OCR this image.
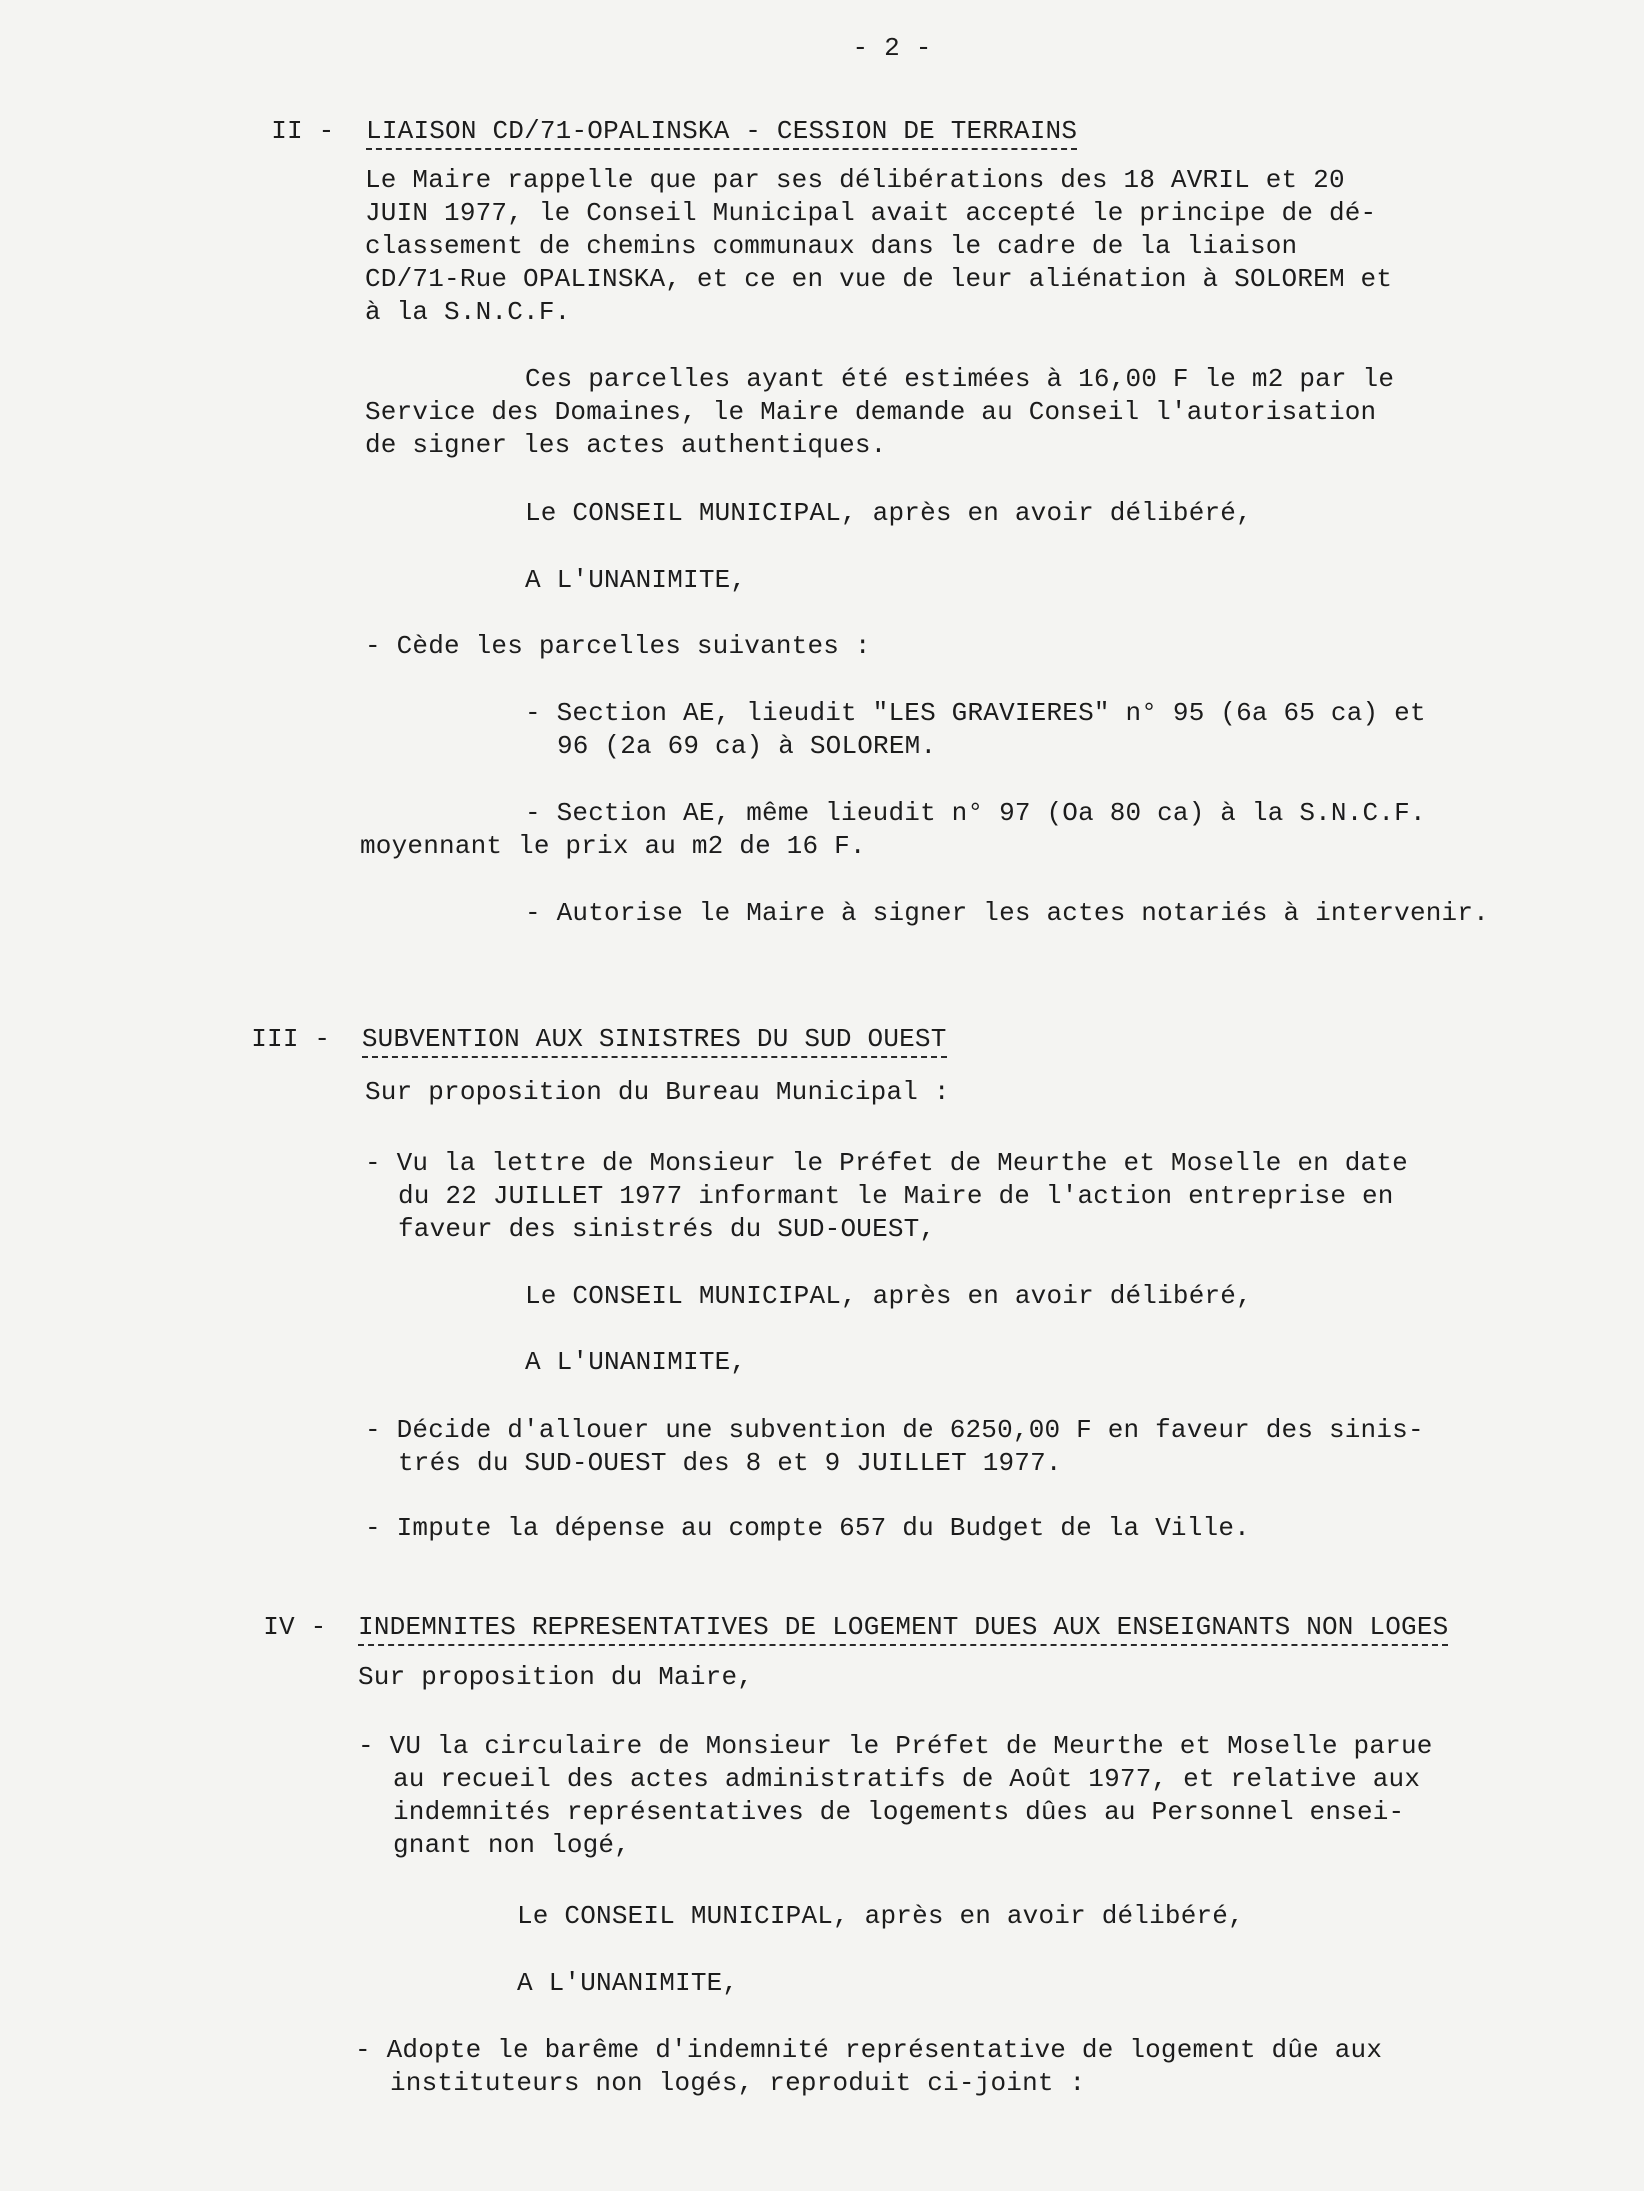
- 2 -

II - LIAISON CD/71-OPALINSKA - CESSION DE TERRAINS

Le Maire rappelle que par ses délibérations des 18 AVRIL et 20
JUIN 1977, le Conseil Municipal avait accepté le principe de dé-
classement de chemins communaux dans le cadre de la liaison
CD/71-Rue OPALINSKA, et ce en vue de leur aliénation à SOLOREM et
à la S.N.C.F.
Ces parcelles ayant été estimées à 16,00 F le m2 par le
Service des Domaines, le Maire demande au Conseil l'autorisation
de signer les actes authentiques.
Le CONSEIL MUNICIPAL, après en avoir délibéré,
A L'UNANIMITE,
- Cède les parcelles suivantes :
- Section AE, lieudit "LES GRAVIERES" n° 95 (6a 65 ca) et
96 (2a 69 ca) à SOLOREM.
- Section AE, même lieudit n° 97 (Oa 80 ca) à la S.N.C.F.
moyennant le prix au m2 de 16 F.
- Autorise le Maire à signer les actes notariés à intervenir.

III - SUBVENTION AUX SINISTRES DU SUD OUEST

Sur proposition du Bureau Municipal :
- Vu la lettre de Monsieur le Préfet de Meurthe et Moselle en date
du 22 JUILLET 1977 informant le Maire de l'action entreprise en
faveur des sinistrés du SUD-OUEST,
Le CONSEIL MUNICIPAL, après en avoir délibéré,
A L'UNANIMITE,
- Décide d'allouer une subvention de 6250,00 F en faveur des sinis-
trés du SUD-OUEST des 8 et 9 JUILLET 1977.
- Impute la dépense au compte 657 du Budget de la Ville.

IV - INDEMNITES REPRESENTATIVES DE LOGEMENT DUES AUX ENSEIGNANTS NON LOGES

Sur proposition du Maire,
- VU la circulaire de Monsieur le Préfet de Meurthe et Moselle parue
au recueil des actes administratifs de Août 1977, et relative aux
indemnités représentatives de logements dûes au Personnel ensei-
gnant non logé,
Le CONSEIL MUNICIPAL, après en avoir délibéré,
A L'UNANIMITE,
- Adopte le barême d'indemnité représentative de logement dûe aux
instituteurs non logés, reproduit ci-joint :
